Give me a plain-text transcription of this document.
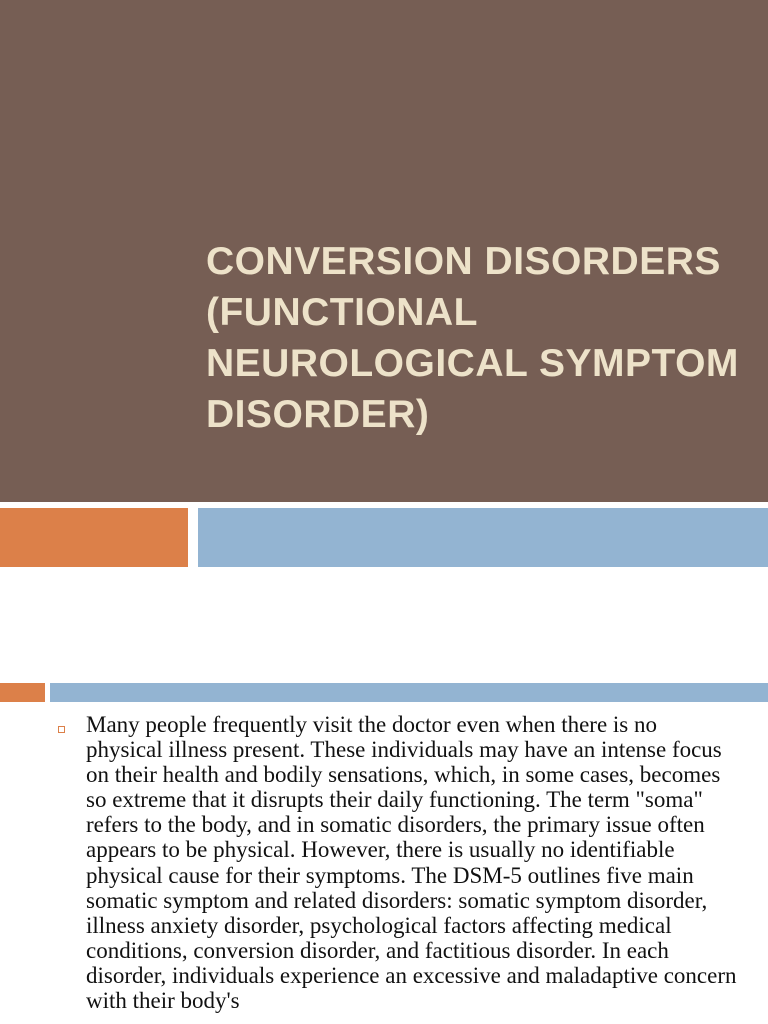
CONVERSION DISORDERS (FUNCTIONAL NEUROLOGICAL SYMPTOM DISORDER)

Many people frequently visit the doctor even when there is no physical illness present. These individuals may have an intense focus on their health and bodily sensations, which, in some cases, becomes so extreme that it disrupts their daily functioning. The term "soma" refers to the body, and in somatic disorders, the primary issue often appears to be physical. However, there is usually no identifiable physical cause for their symptoms. The DSM-5 outlines five main somatic symptom and related disorders: somatic symptom disorder, illness anxiety disorder, psychological factors affecting medical conditions, conversion disorder, and factitious disorder. In each disorder, individuals experience an excessive and maladaptive concern with their body's
